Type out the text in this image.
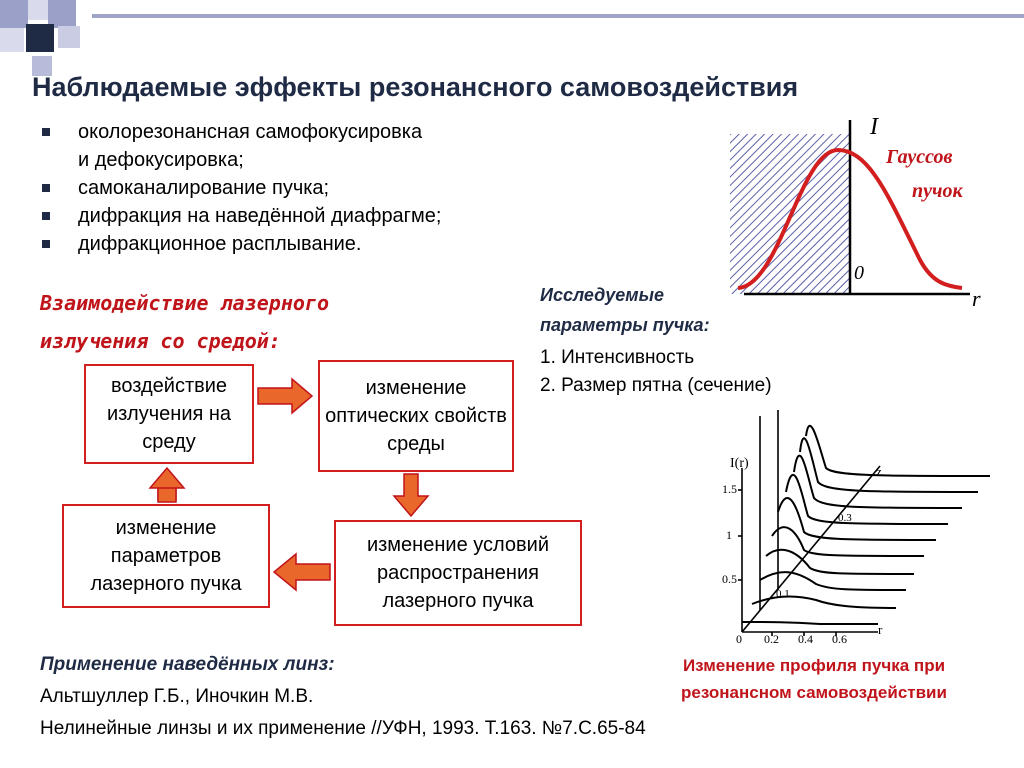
Наблюдаемые эффекты резонансного самовоздействия
околорезонансная самофокусировка
и дефокусировка;
самоканалирование пучка;
дифракция на наведённой диафрагме;
дифракционное расплывание.
Взаимодействие лазерного
излучения со средой:
воздействие излучения на среду
изменение оптических свойств среды
изменение условий распространения лазерного пучка
изменение параметров лазерного пучка
Исследуемые
параметры пучка:
1. Интенсивность
2. Размер пятна (сечение)
I
r
0
Гауссов
пучок
I(r)
1.5
1
0.5
0 0.2 0.4 0.6
r
z
0.3
0.1
Изменение профиля пучка при
резонансном самовоздействии
Применение наведённых линз:
Альтшуллер Г.Б., Иночкин М.В.
Нелинейные линзы и их применение //УФН, 1993. Т.163. №7.С.65-84
